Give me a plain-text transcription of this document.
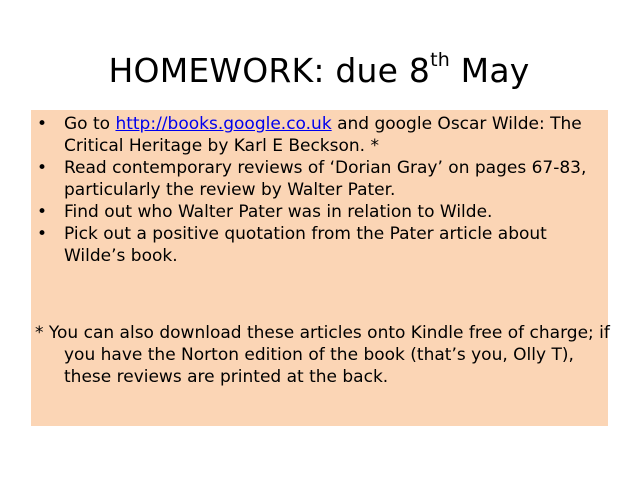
HOMEWORK: due 8th May
• Go to http://books.google.co.uk and google Oscar Wilde: The Critical Heritage by Karl E Beckson. *
• Read contemporary reviews of ‘Dorian Gray’ on pages 67-83, particularly the review by Walter Pater.
• Find out who Walter Pater was in relation to Wilde.
• Pick out a positive quotation from the Pater article about Wilde’s book.
* You can also download these articles onto Kindle free of charge; if you have the Norton edition of the book (that’s you, Olly T), these reviews are printed at the back.
